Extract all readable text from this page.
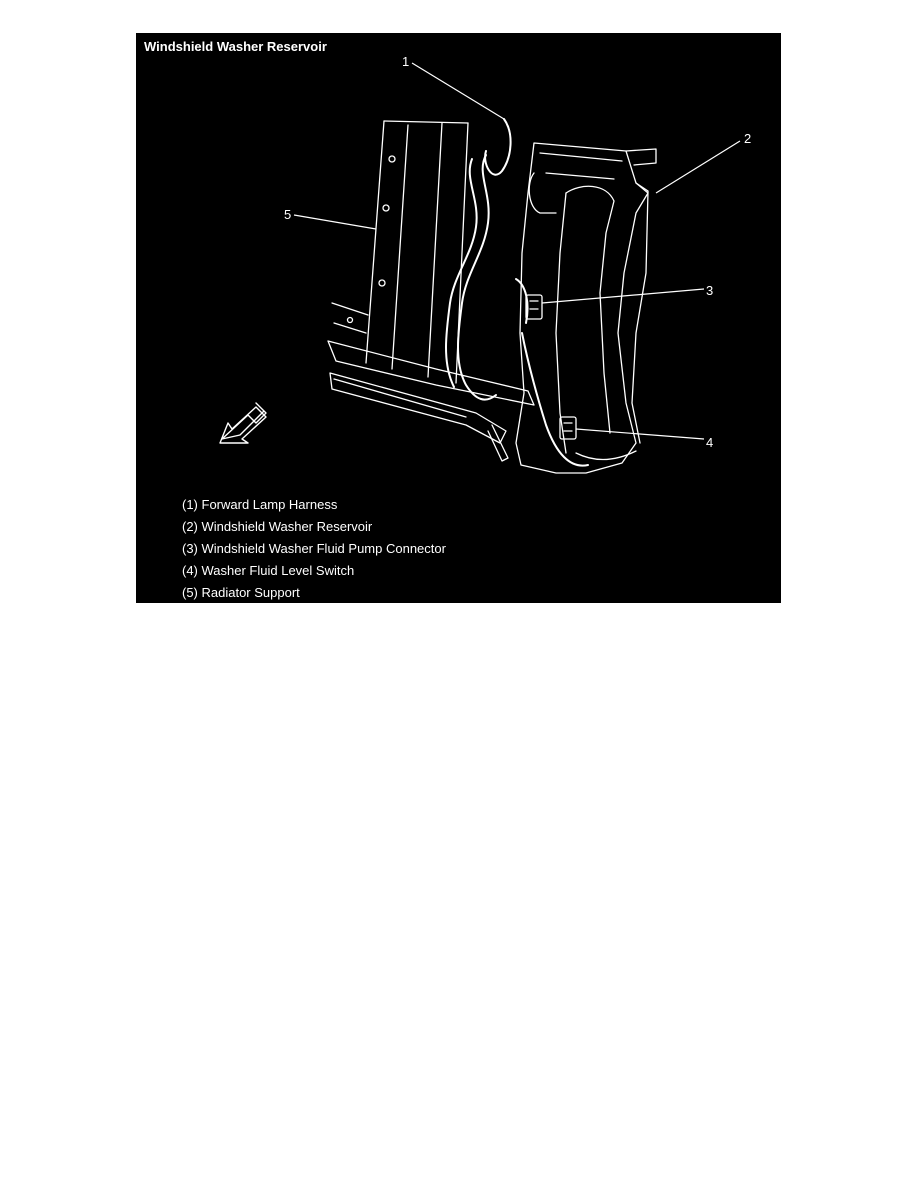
Windshield Washer Reservoir
1
2
3
4
5
(1) Forward Lamp Harness
(2) Windshield Washer Reservoir
(3) Windshield Washer Fluid Pump Connector
(4) Washer Fluid Level Switch
(5) Radiator Support
